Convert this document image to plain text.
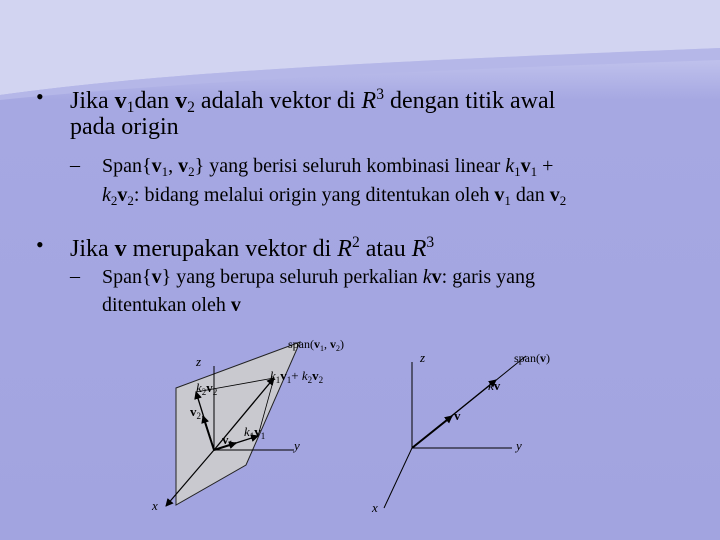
• Jika $v_1dan$ $v_2$ adalah vektor di $R^3$ dengan titik awal
pada origin
– $Span\{v_1$, $v_2$} yang berisi seluruh kombinasi linear $k_1v_1$ +
$k_2v_2$: bidang melalui origin yang ditentukan oleh $v_1$ dan $v_2$
• Jika v merupakan vektor di $R^2$ atau $R^3$
– Span{v} yang berupa seluruh perkalian kv: garis yang
ditentukan oleh v
$span(v_1$, $v_2$)
z
y
x
$k_2v_2$
$v_2$
$v_1$
$k_1v_1$
$k_1v_1+ k_2v_2$
span(v)
z
y
x
kv
v
